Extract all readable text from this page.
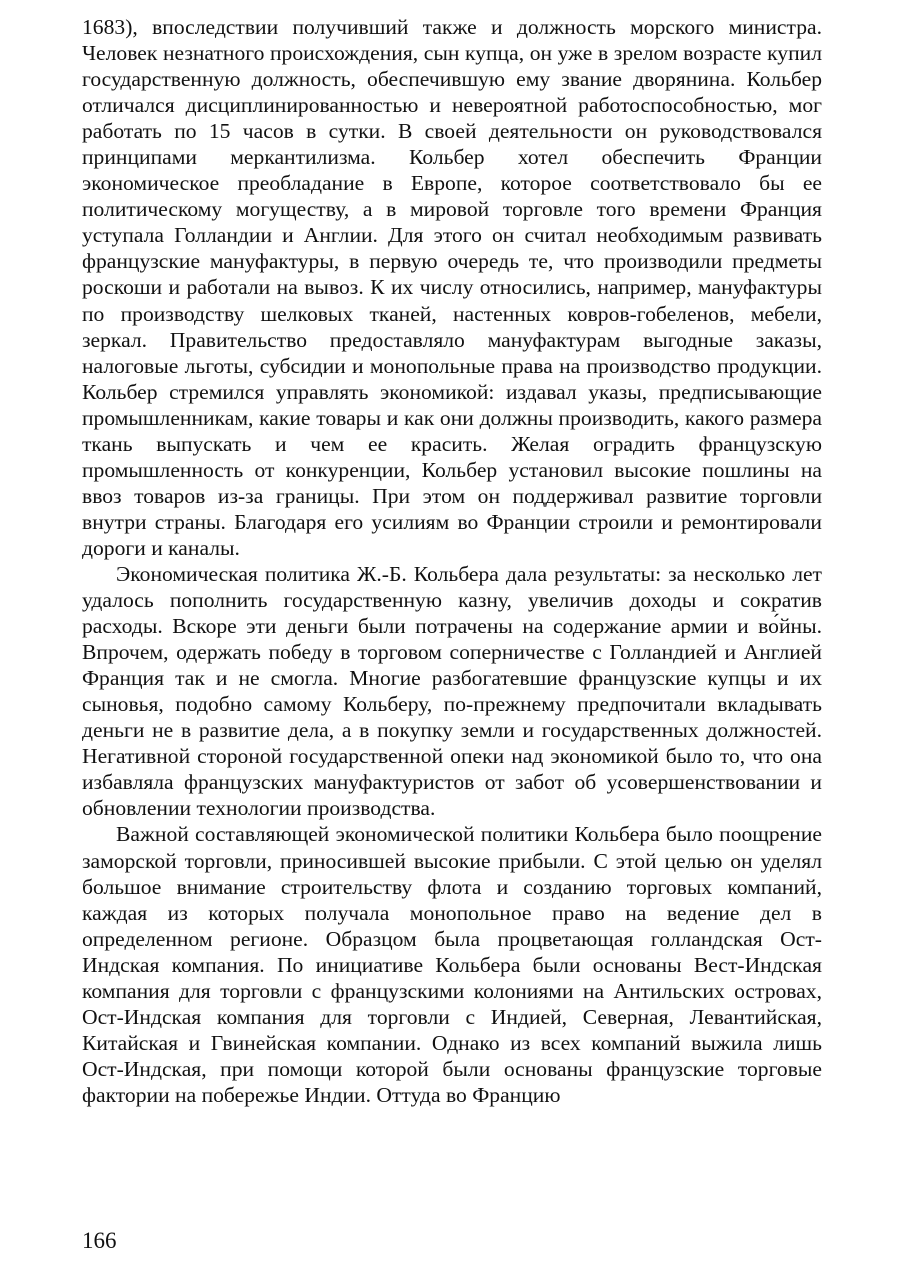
1683), впоследствии получивший также и должность морского министра. Человек незнатного происхождения, сын купца, он уже в зрелом возрасте купил государственную должность, обеспечившую ему звание дворянина. Кольбер отличался дисциплинированностью и невероятной работоспособностью, мог работать по 15 часов в сутки. В своей деятельности он руководствовался принципами меркантилизма. Кольбер хотел обеспечить Франции экономическое преобладание в Европе, которое соответствовало бы ее политическому могуществу, а в мировой торговле того времени Франция уступала Голландии и Англии. Для этого он считал необходимым развивать французские мануфактуры, в первую очередь те, что производили предметы роскоши и работали на вывоз. К их числу относились, например, мануфактуры по производству шелковых тканей, настенных ковров-гобеленов, мебели, зеркал. Правительство предоставляло мануфактурам выгодные заказы, налоговые льготы, субсидии и монопольные права на производство продукции. Кольбер стремился управлять экономикой: издавал указы, предписывающие промышленникам, какие товары и как они должны производить, какого размера ткань выпускать и чем ее красить. Желая оградить французскую промышленность от конкуренции, Кольбер установил высокие пошлины на ввоз товаров из-за границы. При этом он поддерживал развитие торговли внутри страны. Благодаря его усилиям во Франции строили и ремонтировали дороги и каналы.

Экономическая политика Ж.-Б. Кольбера дала результаты: за несколько лет удалось пополнить государственную казну, увеличив доходы и сократив расходы. Вскоре эти деньги были потрачены на содержание армии и во́йны. Впрочем, одержать победу в торговом соперничестве с Голландией и Англией Франция так и не смогла. Многие разбогатевшие французские купцы и их сыновья, подобно самому Кольберу, по-прежнему предпочитали вкладывать деньги не в развитие дела, а в покупку земли и государственных должностей. Негативной стороной государственной опеки над экономикой было то, что она избавляла французских мануфактуристов от забот об усовершенствовании и обновлении технологии производства.

Важной составляющей экономической политики Кольбера было поощрение заморской торговли, приносившей высокие прибыли. С этой целью он уделял большое внимание строительству флота и созданию торговых компаний, каждая из которых получала монопольное право на ведение дел в определенном регионе. Образцом была процветающая голландская Ост-Индская компания. По инициативе Кольбера были основаны Вест-Индская компания для торговли с французскими колониями на Антильских островах, Ост-Индская компания для торговли с Индией, Северная, Левантийская, Китайская и Гвинейская компании. Однако из всех компаний выжила лишь Ост-Индская, при помощи которой были основаны французские торговые фактории на побережье Индии. Оттуда во Францию

166
